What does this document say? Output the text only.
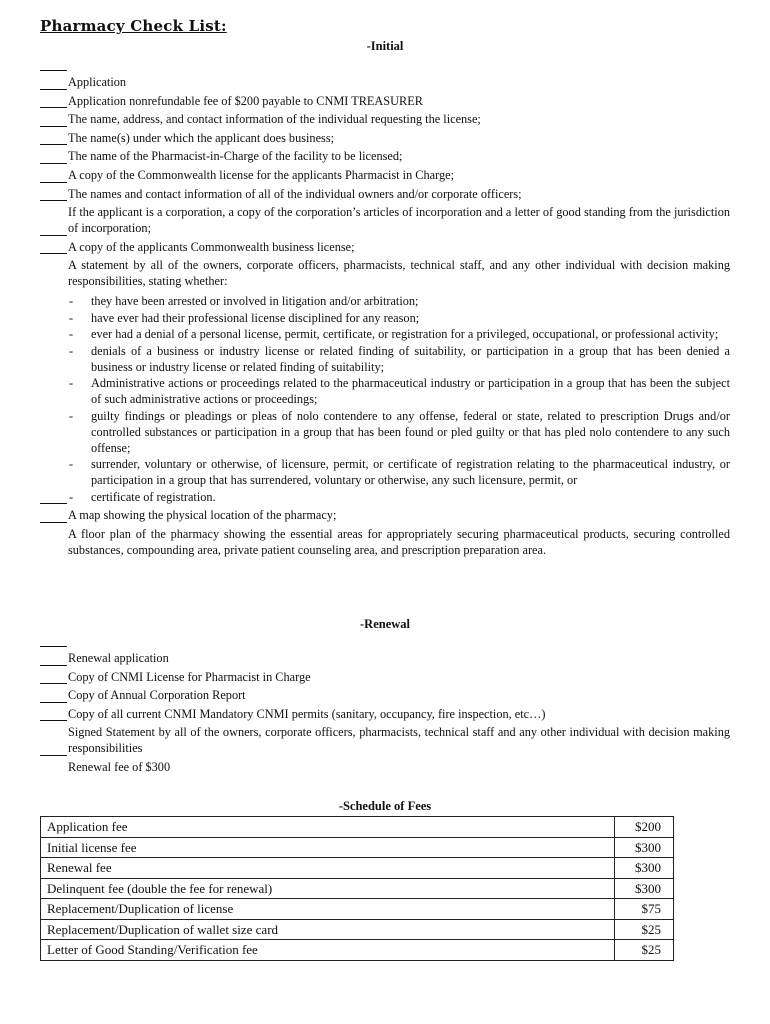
Pharmacy Check List:
-Initial
Application
Application nonrefundable fee of $200 payable to CNMI TREASURER
The name, address, and contact information of the individual requesting the license;
The name(s) under which the applicant does business;
The name of the Pharmacist-in-Charge of the facility to be licensed;
A copy of the Commonwealth license for the applicants Pharmacist in Charge;
The names and contact information of all of the individual owners and/or corporate officers;
If the applicant is a corporation, a copy of the corporation’s articles of incorporation and a letter of good standing from the jurisdiction of incorporation;
A copy of the applicants Commonwealth business license;
A statement by all of the owners, corporate officers, pharmacists, technical staff, and any other individual with decision making responsibilities, stating whether:
- they have been arrested or involved in litigation and/or arbitration;
- have ever had their professional license disciplined for any reason;
- ever had a denial of a personal license, permit, certificate, or registration for a privileged, occupational, or professional activity;
- denials of a business or industry license or related finding of suitability, or participation in a group that has been denied a business or industry license or related finding of suitability;
- Administrative actions or proceedings related to the pharmaceutical industry or participation in a group that has been the subject of such administrative actions or proceedings;
- guilty findings or pleadings or pleas of nolo contendere to any offense, federal or state, related to prescription Drugs and/or controlled substances or participation in a group that has been found or pled guilty or that has pled nolo contendere to any such offense;
- surrender, voluntary or otherwise, of licensure, permit, or certificate of registration relating to the pharmaceutical industry, or participation in a group that has surrendered, voluntary or otherwise, any such licensure, permit, or
- certificate of registration.
A map showing the physical location of the pharmacy;
A floor plan of the pharmacy showing the essential areas for appropriately securing pharmaceutical products, securing controlled substances, compounding area, private patient counseling area, and prescription preparation area.
-Renewal
Renewal application
Copy of CNMI License for Pharmacist in Charge
Copy of Annual Corporation Report
Copy of all current CNMI Mandatory CNMI permits (sanitary, occupancy, fire inspection, etc…)
Signed Statement by all of the owners, corporate officers, pharmacists, technical staff and any other individual with decision making responsibilities
Renewal fee of $300
-Schedule of Fees
Application fee	$200
Initial license fee	$300
Renewal fee	$300
Delinquent fee (double the fee for renewal)	$300
Replacement/Duplication of license	$75
Replacement/Duplication of wallet size card	$25
Letter of Good Standing/Verification fee	$25
